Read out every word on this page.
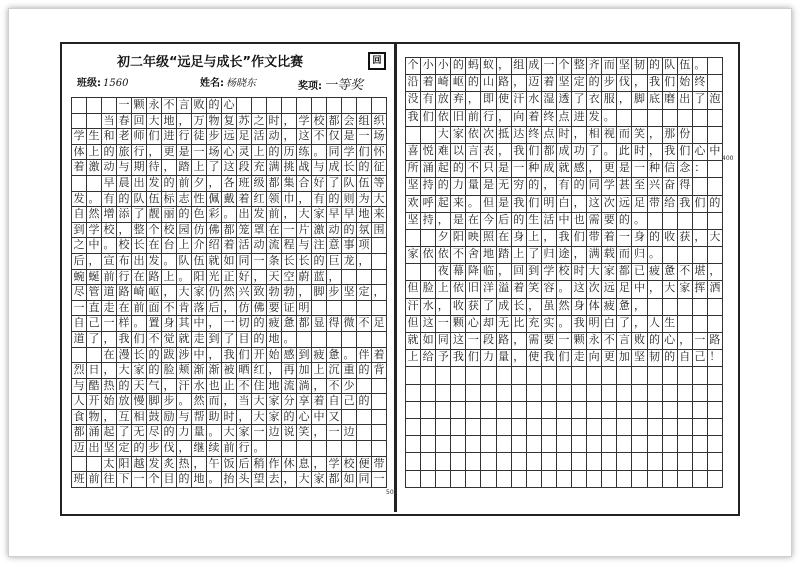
初二年级“远足与成长”作文比赛	回
班级: 1560	姓名: 杨晓东	奖项: 一等奖
一 颗 永 不 言 败 的 心
当 春 回 大 地 ， 万 物 复 苏 之 时 ， 学 校 都 会 组 织
学 生 和 老 师 们 进 行 徒 步 远 足 活 动 ， 这 不 仅 是 一 场
体 上 的 旅 行 ， 更 是 一 场 心 灵 上 的 历 练 。 同 学 们 怀
着 激 动 与 期 待 ， 踏 上 了 这 段 充 满 挑 战 与 成 长 的 征
早 晨 出 发 的 前 夕 ， 各 班 级 都 集 合 好 了 队 伍 等
发 。 有 的 队 伍 标 志 性 佩 戴 着 红 领 巾 ， 有 的 则 为 大
自 然 增 添 了 靓 丽 的 色 彩 。 出 发 前 ， 大 家 早 早 地 来
到 学 校 ， 整 个 校 园 仿 佛 都 笼 罩 在 一 片 激 动 的 氛 围
之 中 。 校 长 在 台 上 介 绍 着 活 动 流 程 与 注 意 事 项
后 ， 宣 布 出 发 。 队 伍 就 如 同 一 条 长 长 的 巨 龙 ，
蜿 蜒 前 行 在 路 上 。 阳 光 正 好 ， 天 空 蔚 蓝 ，
尽 管 道 路 崎 岖 ， 大 家 仍 然 兴 致 勃 勃 ， 脚 步 坚 定 ，
一 直 走 在 前 面 不 肯 落 后 ， 仿 佛 要 证 明
自 己 一 样 。 置 身 其 中 ， 一 切 的 疲 惫 都 显 得 微 不 足
道 了 ， 我 们 不 觉 就 走 到 了 目 的 地 。
在 漫 长 的 跋 涉 中 ， 我 们 开 始 感 到 疲 惫 。 伴 着
烈 日 ， 大 家 的 脸 颊 渐 渐 被 晒 红 ， 再 加 上 沉 重 的 背
与 酷 热 的 天 气 ， 汗 水 也 止 不 住 地 流 淌 ， 不 少
人 开 始 放 慢 脚 步 。 然 而 ， 当 大 家 分 享 着 自 己 的
食 物 ， 互 相 鼓 励 与 帮 助 时 ， 大 家 的 心 中 又
都 涌 起 了 无 尽 的 力 量 。 大 家 一 边 说 笑 ， 一 边
迈 出 坚 定 的 步 伐 ， 继 续 前 行 。
太 阳 越 发 炙 热 ， 午 饭 后 稍 作 休 息 ， 学 校 便 带
班 前 往 下 一 个 目 的 地 。 抬 头 望 去 ， 大 家 都 如 同 一
个 小 小 的 蚂 蚁 ， 组 成 一 个 整 齐 而 坚 韧 的 队 伍 。
沿 着 崎 岖 的 山 路 ， 迈 着 坚 定 的 步 伐 ， 我 们 始 终
没 有 放 弃 ， 即 使 汗 水 湿 透 了 衣 服 ， 脚 底 磨 出 了 泡
我 们 依 旧 前 行 ， 向 着 终 点 进 发 。
大 家 依 次 抵 达 终 点 时 ， 相 视 而 笑 ， 那 份
喜 悦 难 以 言 表 ， 我 们 都 成 功 了 。 此 时 ， 我 们 心 中
所 涌 起 的 不 只 是 一 种 成 就 感 ， 更 是 一 种 信 念 ：
坚 持 的 力 量 是 无 穷 的 ， 有 的 同 学 甚 至 兴 奋 得
欢 呼 起 来 。 但 是 我 们 明 白 ， 这 次 远 足 带 给 我 们 的
坚 持 ， 是 在 今 后 的 生 活 中 也 需 要 的 。
夕 阳 映 照 在 身 上 ， 我 们 带 着 一 身 的 收 获 ， 大
家 依 依 不 舍 地 踏 上 了 归 途 ， 满 载 而 归 。
夜 幕 降 临 ， 回 到 学 校 时 大 家 都 已 疲 惫 不 堪 ，
但 脸 上 依 旧 洋 溢 着 笑 容 。 这 次 远 足 中 ， 大 家 挥 洒
汗 水 ， 收 获 了 成 长 ， 虽 然 身 体 疲 惫 ，
但 这 一 颗 心 却 无 比 充 实 。 我 明 白 了 ， 人 生
就 如 同 这 一 段 路 ， 需 要 一 颗 永 不 言 败 的 心 ， 一 路
上 给 予 我 们 力 量 ， 使 我 们 走 向 更 加 坚 韧 的 自 己 ！
500
400
